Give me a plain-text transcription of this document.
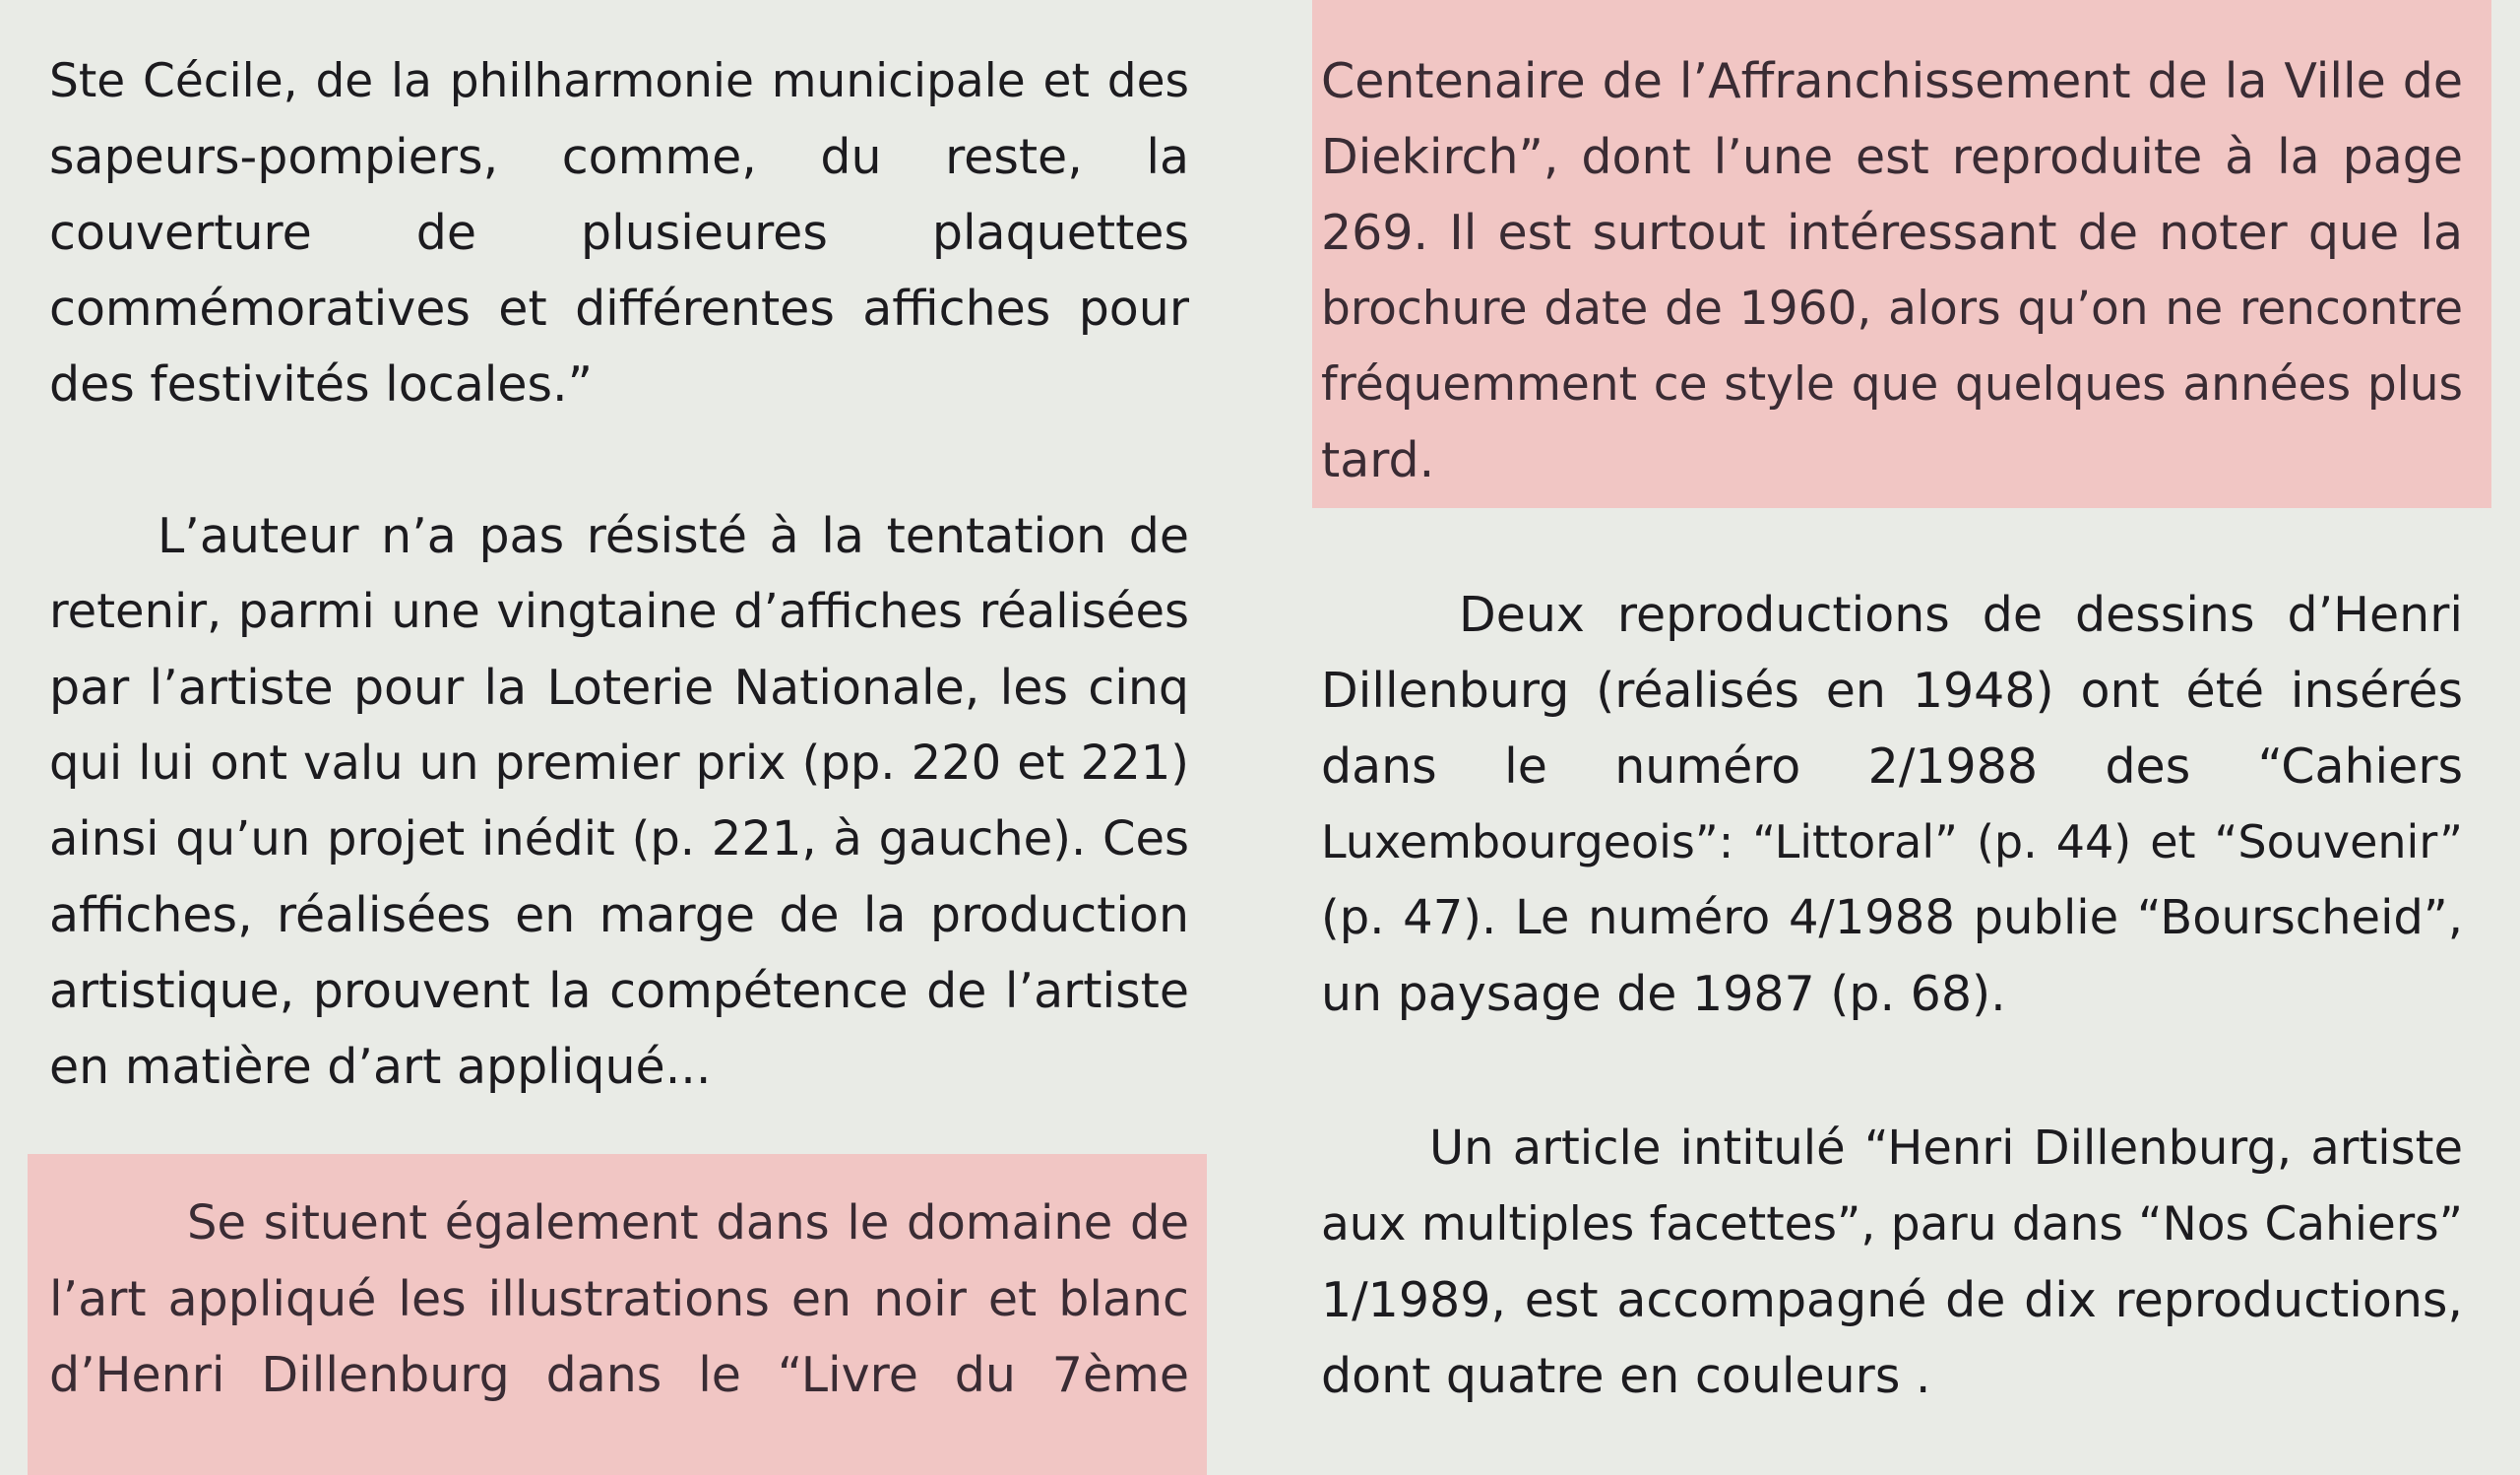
Ste Cécile, de la philharmonie municipale et des
sapeurs-pompiers, comme, du reste, la
couverture de plusieures plaquettes
commémoratives et différentes affiches pour
des festivités locales.”
L’auteur n’a pas résisté à la tentation de
retenir, parmi une vingtaine d’affiches réalisées
par l’artiste pour la Loterie Nationale, les cinq
qui lui ont valu un premier prix (pp. 220 et 221)
ainsi qu’un projet inédit (p. 221, à gauche). Ces
affiches, réalisées en marge de la production
artistique, prouvent la compétence de l’artiste
en matière d’art appliqué...
Se situent également dans le domaine de
l’art appliqué les illustrations en noir et blanc
d’Henri Dillenburg dans le “Livre du 7ème
Centenaire de l’Affranchissement de la Ville de
Diekirch”, dont l’une est reproduite à la page
269. Il est surtout intéressant de noter que la
brochure date de 1960, alors qu’on ne rencontre
fréquemment ce style que quelques années plus
tard.
Deux reproductions de dessins d’Henri
Dillenburg (réalisés en 1948) ont été insérés
dans le numéro 2/1988 des “Cahiers
Luxembourgeois”: “Littoral” (p. 44) et “Souvenir”
(p. 47). Le numéro 4/1988 publie “Bourscheid”,
un paysage de 1987 (p. 68).
Un article intitulé “Henri Dillenburg, artiste
aux multiples facettes”, paru dans “Nos Cahiers”
1/1989, est accompagné de dix reproductions,
dont quatre en couleurs .
